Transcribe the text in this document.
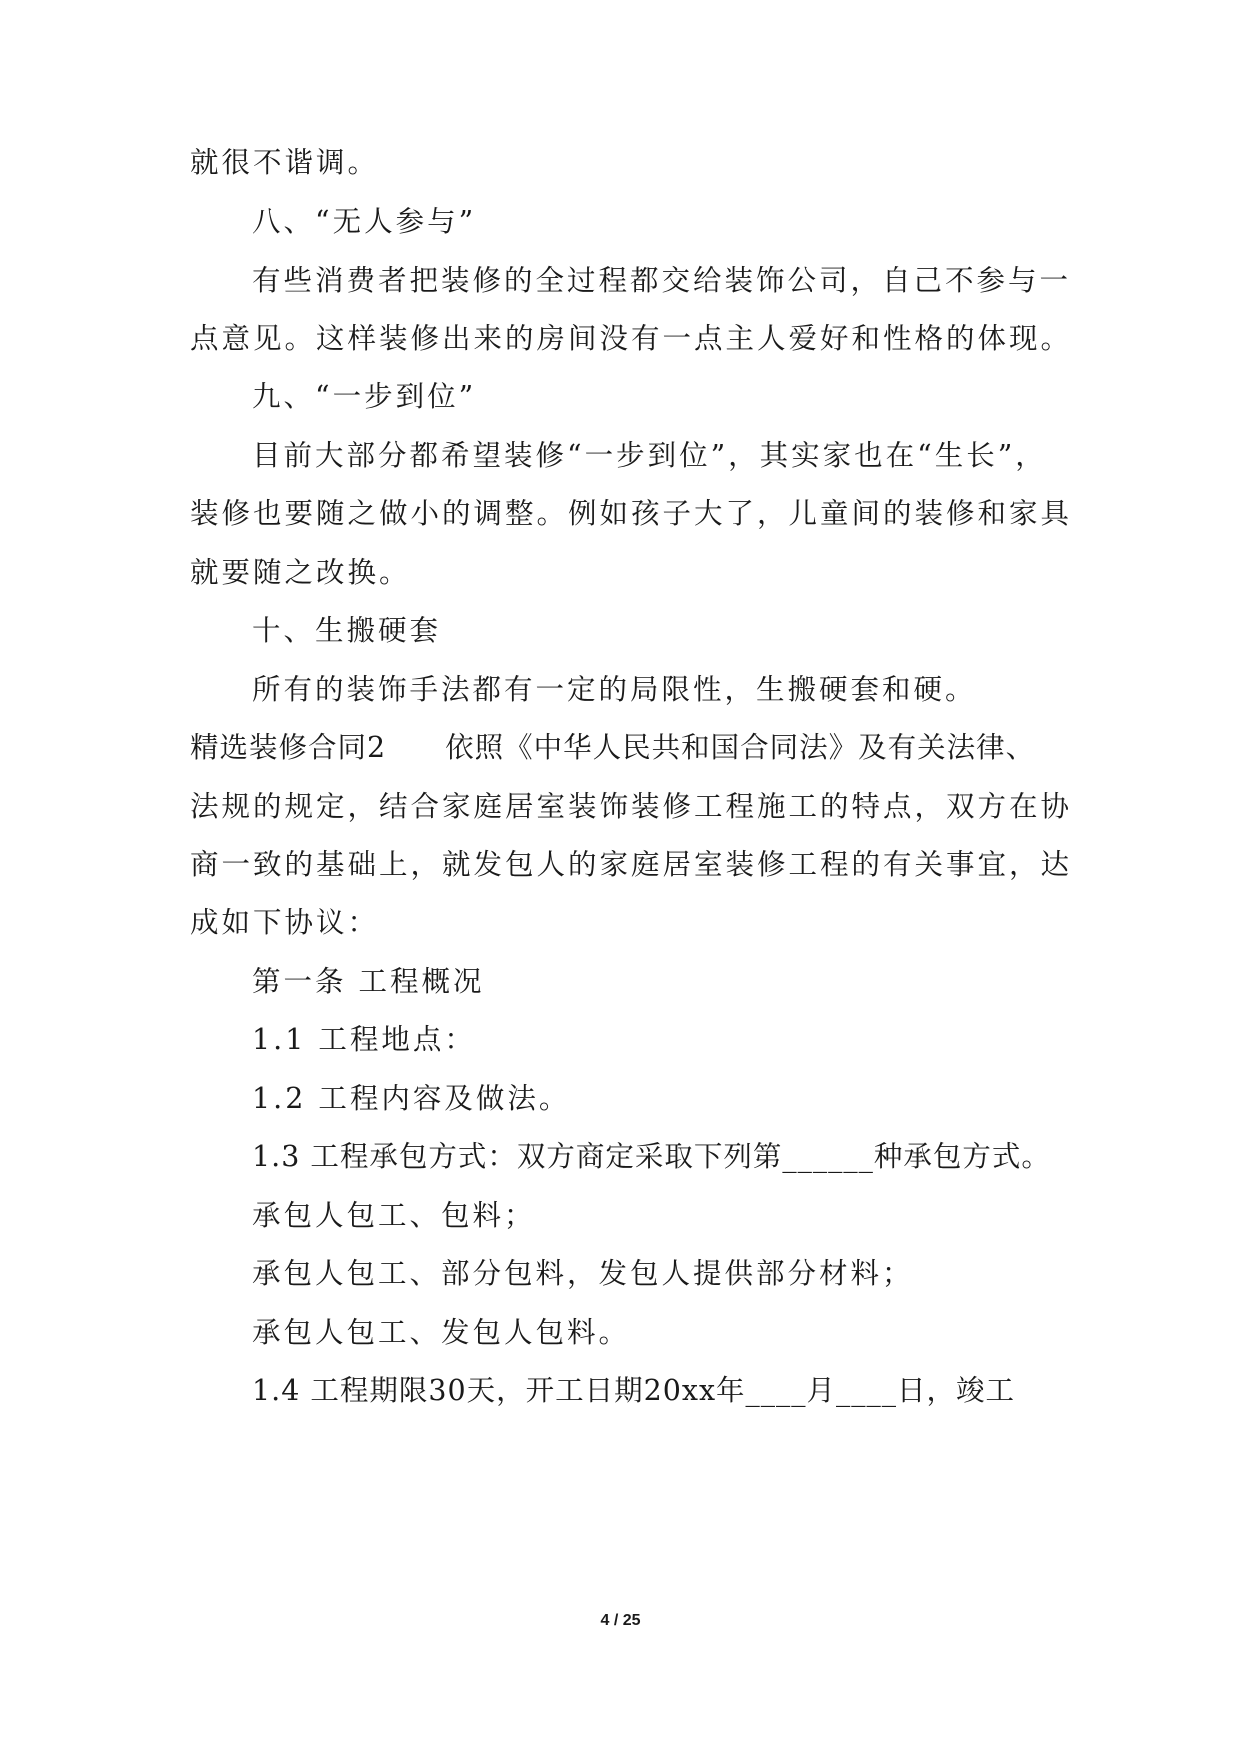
就很不谐调。
八、“无人参与”
有些消费者把装修的全过程都交给装饰公司，自己不参与一
点意见。这样装修出来的房间没有一点主人爱好和性格的体现。
九、“一步到位”
目前大部分都希望装修“一步到位”，其实家也在“生长”，
装修也要随之做小的调整。例如孩子大了，儿童间的装修和家具
就要随之改换。
十、生搬硬套
所有的装饰手法都有一定的局限性，生搬硬套和硬。
精选装修合同2　　依照《中华人民共和国合同法》及有关法律、
法规的规定，结合家庭居室装饰装修工程施工的特点，双方在协
商一致的基础上，就发包人的家庭居室装修工程的有关事宜，达
成如下协议：
第一条 工程概况
1.1 工程地点：
1.2 工程内容及做法。
1.3 工程承包方式：双方商定采取下列第______种承包方式。
承包人包工、包料；
承包人包工、部分包料，发包人提供部分材料；
承包人包工、发包人包料。
1.4 工程期限30天，开工日期20xx年____月____日，竣工
4 / 25
